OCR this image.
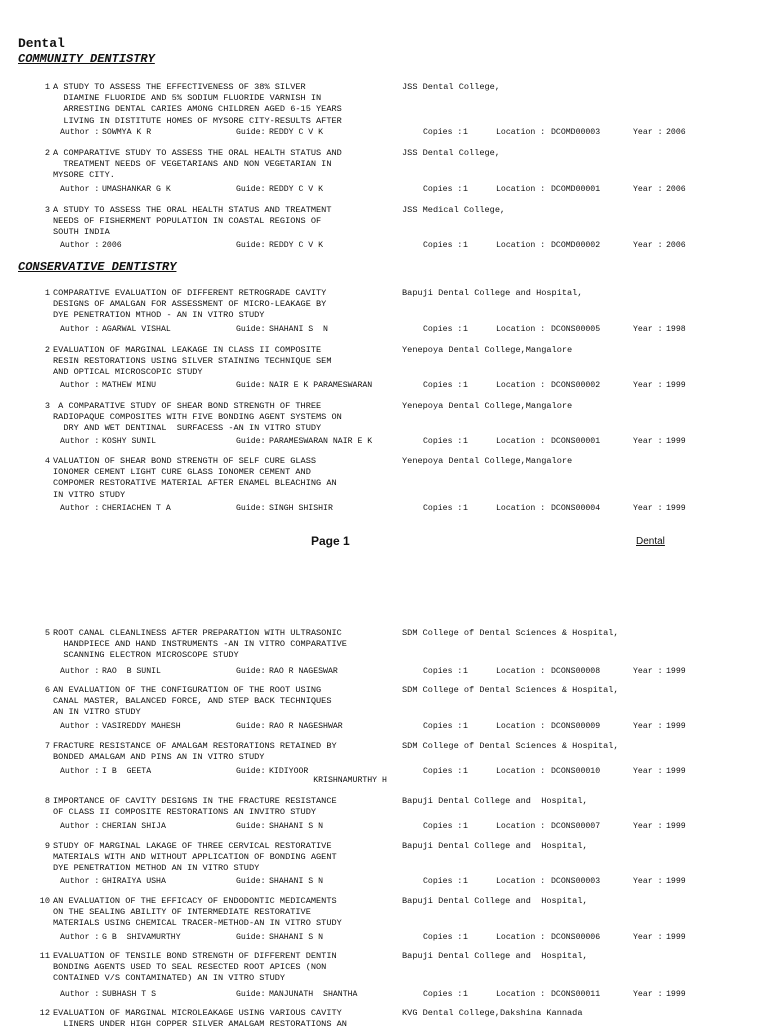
Dental
COMMUNITY DENTISTRY
CONSERVATIVE DENTISTRY
1 A STUDY TO ASSESS THE EFFECTIVENESS OF 38% SILVER
DIAMINE FLUORIDE AND 5% SODIUM FLUORIDE VARNISH IN
ARRESTING DENTAL CARIES AMONG CHILDREN AGED 6-15 YEARS
LIVING IN DISTITUTE HOMES OF MYSORE CITY-RESULTS AFTER
JSS Dental College,
Author : SOWMYA K R	Guide: REDDY C V K	Copies : 1	Location : DCOMD00003	Year : 2006
2 A COMPARATIVE STUDY TO ASSESS THE ORAL HEALTH STATUS AND
TREATMENT NEEDS OF VEGETARIANS AND NON VEGETARIAN IN
MYSORE CITY.
JSS Dental College,
Author : UMASHANKAR G K	Guide: REDDY C V K	Copies : 1	Location : DCOMD00001	Year : 2006
3 A STUDY TO ASSESS THE ORAL HEALTH STATUS AND TREATMENT
NEEDS OF FISHERMENT POPULATION IN COASTAL REGIONS OF
SOUTH INDIA
JSS Medical College,
Author : 2006	Guide: REDDY C V K	Copies : 1	Location : DCOMD00002	Year : 2006
1 COMPARATIVE EVALUATION OF DIFFERENT RETROGRADE CAVITY
DESIGNS OF AMALGAN FOR ASSESSMENT OF MICRO-LEAKAGE BY
DYE PENETRATION MTHOD - AN IN VITRO STUDY
Bapuji Dental College and Hospital,
Author : AGARWAL VISHAL	Guide: SHAHANI S  N	Copies : 1	Location : DCONS00005	Year : 1998
2 EVALUATION OF MARGINAL LEAKAGE IN CLASS II COMPOSITE
RESIN RESTORATIONS USING SILVER STAINING TECHNIQUE SEM
AND OPTICAL MICROSCOPIC STUDY
Yenepoya Dental College,Mangalore
Author : MATHEW MINU	Guide: NAIR E K PARAMESWARAN	Copies : 1	Location : DCONS00002	Year : 1999
3 A COMPARATIVE STUDY OF SHEAR BOND STRENGTH OF THREE
RADIOPAQUE COMPOSITES WITH FIVE BONDING AGENT SYSTEMS ON
DRY AND WET DENTINAL  SURFACESS -AN IN VITRO STUDY
Yenepoya Dental College,Mangalore
Author : KOSHY SUNIL	Guide: PARAMESWARAN NAIR E K	Copies : 1	Location : DCONS00001	Year : 1999
4 VALUATION OF SHEAR BOND STRENGTH OF SELF CURE GLASS
IONOMER CEMENT LIGHT CURE GLASS IONOMER CEMENT AND
COMPOMER RESTORATIVE MATERIAL AFTER ENAMEL BLEACHING AN
IN VITRO STUDY
Yenepoya Dental College,Mangalore
Author : CHERIACHEN T A	Guide: SINGH SHISHIR	Copies : 1	Location : DCONS00004	Year : 1999
5 ROOT CANAL CLEANLINESS AFTER PREPARATION WITH ULTRASONIC
HANDPIECE AND HAND INSTRUMENTS -AN IN VITRO COMPARATIVE
SCANNING ELECTRON MICROSCOPE STUDY
SDM College of Dental Sciences & Hospital,
Author : RAO  B SUNIL	Guide: RAO R NAGESWAR	Copies : 1	Location : DCONS00008	Year : 1999
6 AN EVALUATION OF THE CONFIGURATION OF THE ROOT USING
CANAL MASTER, BALANCED FORCE, AND STEP BACK TECHNIQUES
AN IN VITRO STUDY
SDM College of Dental Sciences & Hospital,
Author : VASIREDDY MAHESH	Guide: RAO R NAGESHWAR	Copies : 1	Location : DCONS00009	Year : 1999
7 FRACTURE RESISTANCE OF AMALGAM RESTORATIONS RETAINED BY
BONDED AMALGAM AND PINS AN IN VITRO STUDY
SDM College of Dental Sciences & Hospital,
Author : I B  GEETA	Guide: KIDIYOOR
KRISHNAMURTHY H
Copies : 1	Location : DCONS00010	Year : 1999
8 IMPORTANCE OF CAVITY DESIGNS IN THE FRACTURE RESISTANCE
OF CLASS II COMPOSITE RESTORATIONS AN INVITRO STUDY
Bapuji Dental College and  Hospital,
Author : CHERIAN SHIJA	Guide: SHAHANI S N	Copies : 1	Location : DCONS00007	Year : 1999
9 STUDY OF MARGINAL LAKAGE OF THREE CERVICAL RESTORATIVE
MATERIALS WITH AND WITHOUT APPLICATION OF BONDING AGENT
DYE PENETRATION METHOD AN IN VITRO STUDY
Bapuji Dental College and  Hospital,
Author : GHIRAIYA USHA	Guide: SHAHANI S N	Copies : 1	Location : DCONS00003	Year : 1999
10 AN EVALUATION OF THE EFFICACY OF ENDODONTIC MEDICAMENTS
ON THE SEALING ABILITY OF INTERMEDIATE RESTORATIVE
MATERIALS USING CHEMICAL TRACER-METHOD-AN IN VITRO STUDY
Bapuji Dental College and  Hospital,
Author : G B  SHIVAMURTHY	Guide: SHAHANI S N	Copies : 1	Location : DCONS00006	Year : 1999
11 EVALUATION OF TENSILE BOND STRENGTH OF DIFFERENT DENTIN
BONDING AGENTS USED TO SEAL RESECTED ROOT APICES (NON
CONTAINED V/S CONTAMINATED) AN IN VITRO STUDY
Bapuji Dental College and  Hospital,
Author : SUBHASH T S	Guide: MANJUNATH  SHANTHA	Copies : 1	Location : DCONS00011	Year : 1999
12 EVALUATION OF MARGINAL MICROLEAKAGE USING VARIOUS CAVITY
LINERS UNDER HIGH COPPER SILVER AMALGAM RESTORATIONS AN
KVG Dental College,Dakshina Kannada
Page 1	Dental
